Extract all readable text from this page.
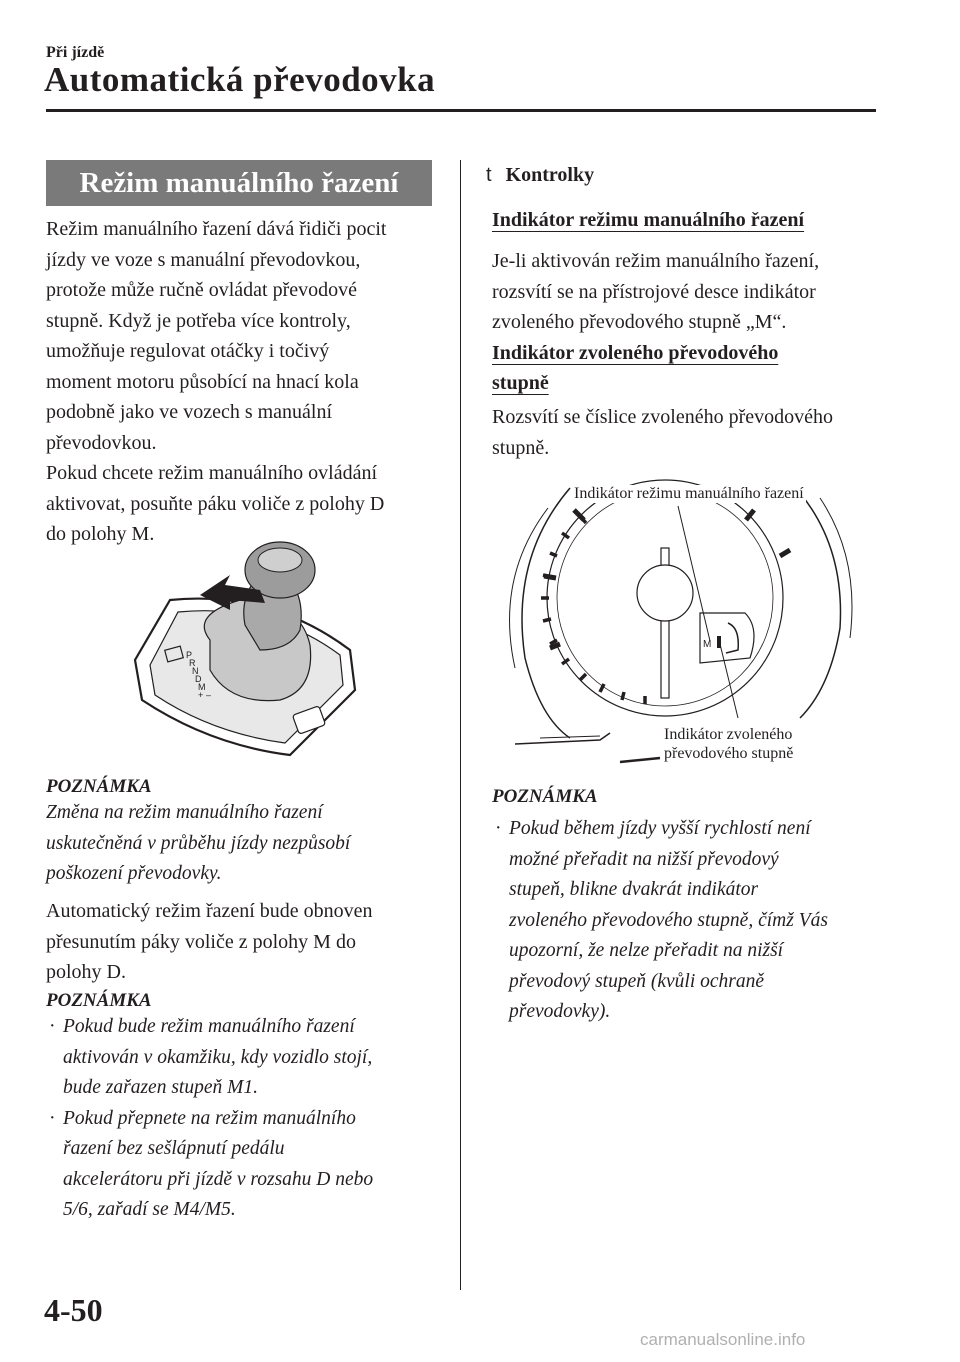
Při jízdě
Automatická převodovka
Režim manuálního řazení
Režim manuálního řazení dává řidiči pocit
jízdy ve voze s manuální převodovkou,
protože může ručně ovládat převodové
stupně. Když je potřeba více kontroly,
umožňuje regulovat otáčky i točivý
moment motoru působící na hnací kola
podobně jako ve vozech s manuální
převodovkou.
Pokud chcete režim manuálního ovládání
aktivovat, posuňte páku voliče z polohy D
do polohy M.
P
R
N
D
M
+ –
POZNÁMKA
Změna na režim manuálního řazení
uskutečněná v průběhu jízdy nezpůsobí
poškození převodovky.
Automatický režim řazení bude obnoven
přesunutím páky voliče z polohy M do
polohy D.
POZNÁMKA
· Pokud bude režim manuálního řazení
aktivován v okamžiku, kdy vozidlo stojí,
bude zařazen stupeň M1.
· Pokud přepnete na režim manuálního
řazení bez sešlápnutí pedálu
akcelerátoru při jízdě v rozsahu D nebo
5/6, zařadí se M4/M5.
t Kontrolky
Indikátor režimu manuálního řazení
Je-li aktivován režim manuálního řazení,
rozsvítí se na přístrojové desce indikátor
zvoleného převodového stupně „M“.
Indikátor zvoleného převodového
stupně
Rozsvítí se číslice zvoleného převodového
stupně.
M
Indikátor režimu manuálního řazení
Indikátor zvoleného
převodového stupně
POZNÁMKA
· Pokud během jízdy vyšší rychlostí není
možné přeřadit na nižší převodový
stupeň, blikne dvakrát indikátor
zvoleného převodového stupně, čímž Vás
upozorní, že nelze přeřadit na nižší
převodový stupeň (kvůli ochraně
převodovky).
4-50
carmanualsonline.info
